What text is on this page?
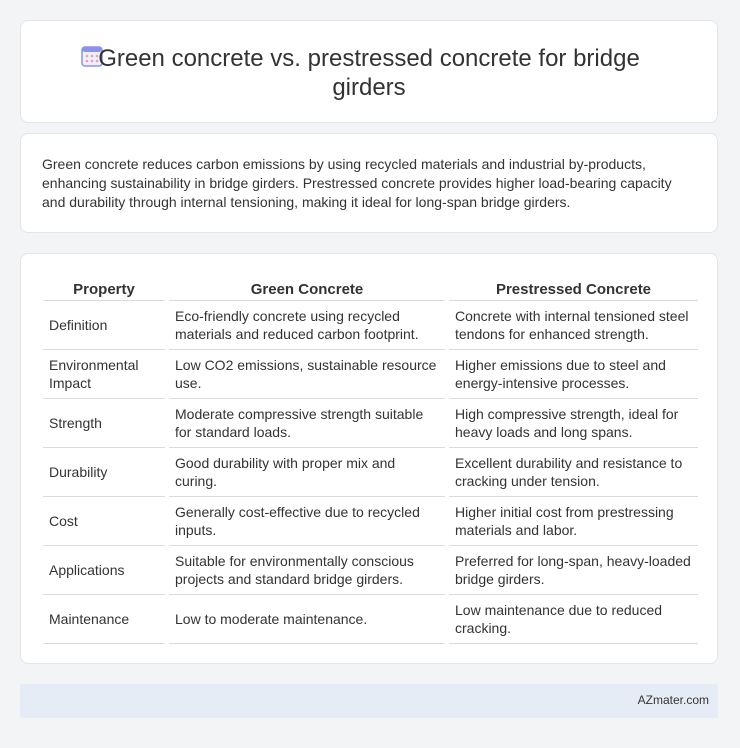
Green concrete vs. prestressed concrete for bridge girders

Green concrete reduces carbon emissions by using recycled materials and industrial by-products, enhancing sustainability in bridge girders. Prestressed concrete provides higher load-bearing capacity and durability through internal tensioning, making it ideal for long-span bridge girders.

Property	Green Concrete	Prestressed Concrete
Definition	Eco-friendly concrete using recycled materials and reduced carbon footprint.	Concrete with internal tensioned steel tendons for enhanced strength.
Environmental Impact	Low CO2 emissions, sustainable resource use.	Higher emissions due to steel and energy-intensive processes.
Strength	Moderate compressive strength suitable for standard loads.	High compressive strength, ideal for heavy loads and long spans.
Durability	Good durability with proper mix and curing.	Excellent durability and resistance to cracking under tension.
Cost	Generally cost-effective due to recycled inputs.	Higher initial cost from prestressing materials and labor.
Applications	Suitable for environmentally conscious projects and standard bridge girders.	Preferred for long-span, heavy-loaded bridge girders.
Maintenance	Low to moderate maintenance.	Low maintenance due to reduced cracking.
AZmater.com
